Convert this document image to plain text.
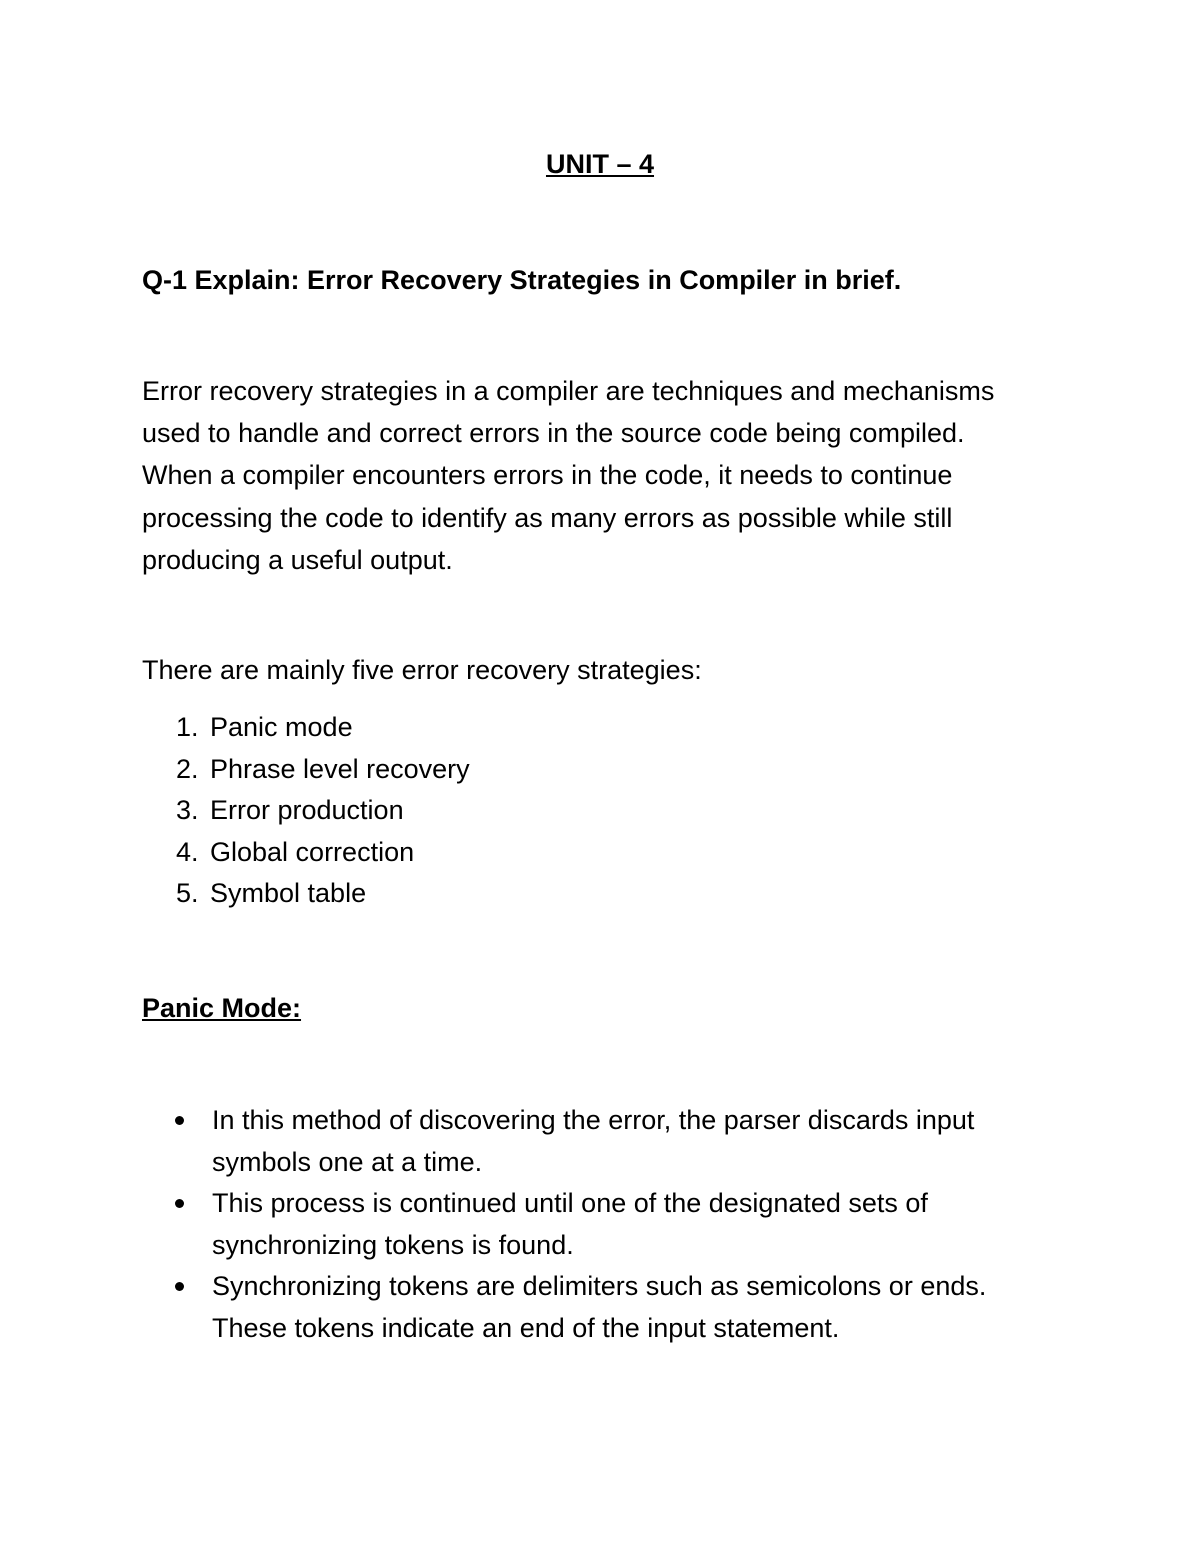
UNIT – 4
Q-1 Explain: Error Recovery Strategies in Compiler in brief.

Error recovery strategies in a compiler are techniques and mechanisms
used to handle and correct errors in the source code being compiled.
When a compiler encounters errors in the code, it needs to continue
processing the code to identify as many errors as possible while still
producing a useful output.

There are mainly five error recovery strategies:

1. Panic mode
2. Phrase level recovery
3. Error production
4. Global correction
5. Symbol table
Panic Mode:
In this method of discovering the error, the parser discards input
symbols one at a time.
This process is continued until one of the designated sets of
synchronizing tokens is found.
Synchronizing tokens are delimiters such as semicolons or ends.
These tokens indicate an end of the input statement.
